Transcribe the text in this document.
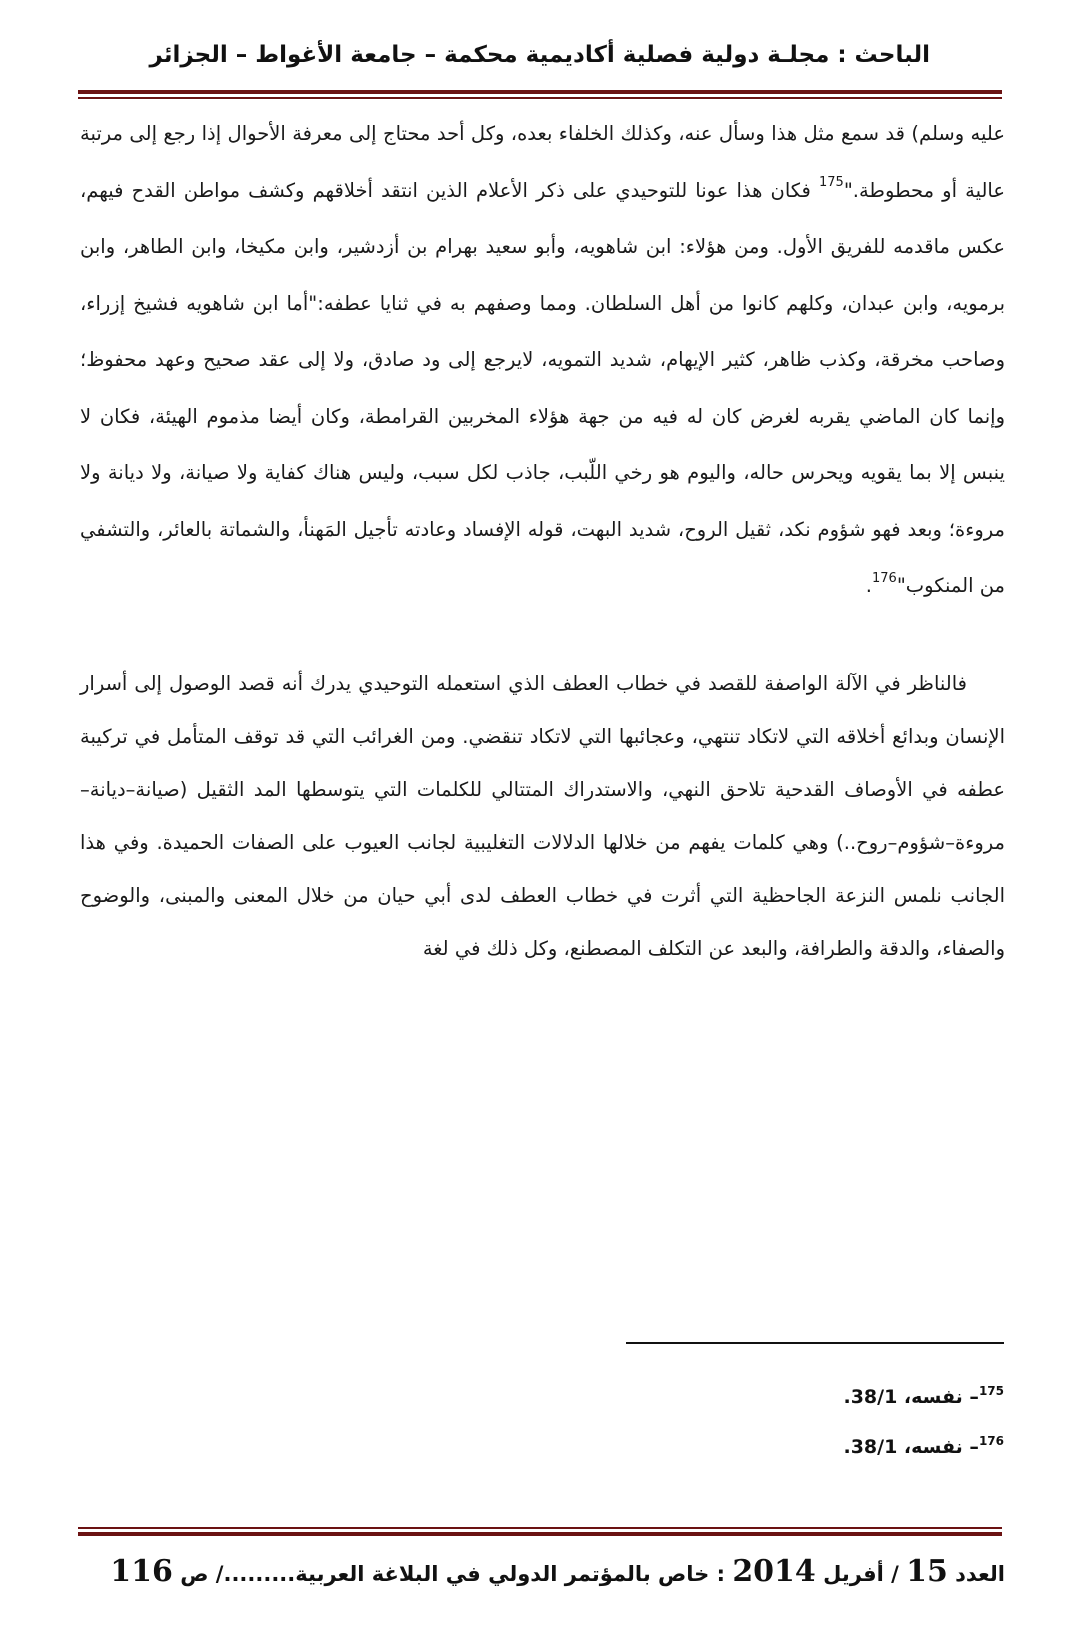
الباحث : مجلـة دولية فصلية أكاديمية محكمة – جامعة الأغواط – الجزائر

عليه وسلم) قد سمع مثل هذا وسأل عنه، وكذلك الخلفاء بعده، وكل أحد محتاج إلى معرفة الأحوال إذا رجع إلى مرتبة عالية أو محطوطة."$^{175}$ فكان هذا عونا للتوحيدي على ذكر الأعلام الذين انتقد أخلاقهم وكشف مواطن القدح فيهم، عكس ماقدمه للفريق الأول. ومن هؤلاء: ابن شاهويه، وأبو سعيد بهرام بن أزدشير، وابن مكيخا، وابن الطاهر، وابن برمويه، وابن عبدان، وكلهم كانوا من أهل السلطان. ومما وصفهم به في ثنايا عطفه:"أما ابن شاهويه فشيخ إزراء، وصاحب مخرقة، وكذب ظاهر، كثير الإيهام، شديد التمويه، لايرجع إلى ود صادق، ولا إلى عقد صحيح وعهد محفوظ؛ وإنما كان الماضي يقربه لغرض كان له فيه من جهة هؤلاء المخربين القرامطة، وكان أيضا مذموم الهيئة، فكان لا ينبس إلا بما يقويه ويحرس حاله، واليوم هو رخي اللّبب، جاذب لكل سبب، وليس هناك كفاية ولا صيانة، ولا ديانة ولا مروءة؛ وبعد فهو شؤوم نكد، ثقيل الروح، شديد البهت، قوله الإفساد وعادته تأجيل المَهنأ، والشماتة بالعائر، والتشفي من المنكوب"$^{176}$.

فالناظر في الآلة الواصفة للقصد في خطاب العطف الذي استعمله التوحيدي يدرك أنه قصد الوصول إلى أسرار الإنسان وبدائع أخلاقه التي لاتكاد تنتهي، وعجائبها التي لاتكاد تنقضي. ومن الغرائب التي قد توقف المتأمل في تركيبة عطفه في الأوصاف القدحية تلاحق النهي، والاستدراك المتتالي للكلمات التي يتوسطها المد الثقيل (صيانة–ديانة–مروءة–شؤوم–روح..) وهي كلمات يفهم من خلالها الدلالات التغليبية لجانب العيوب على الصفات الحميدة. وفي هذا الجانب نلمس النزعة الجاحظية التي أثرت في خطاب العطف لدى أبي حيان من خلال المعنى والمبنى، والوضوح والصفاء، والدقة والطرافة، والبعد عن التكلف المصطنع، وكل ذلك في لغة

$^{175}$– نفسه، 38/1.
$^{176}$– نفسه، 38/1.
العدد 15 / أفريل 2014 : خاص بالمؤتمر الدولي في البلاغة العربية........./ ص 116
